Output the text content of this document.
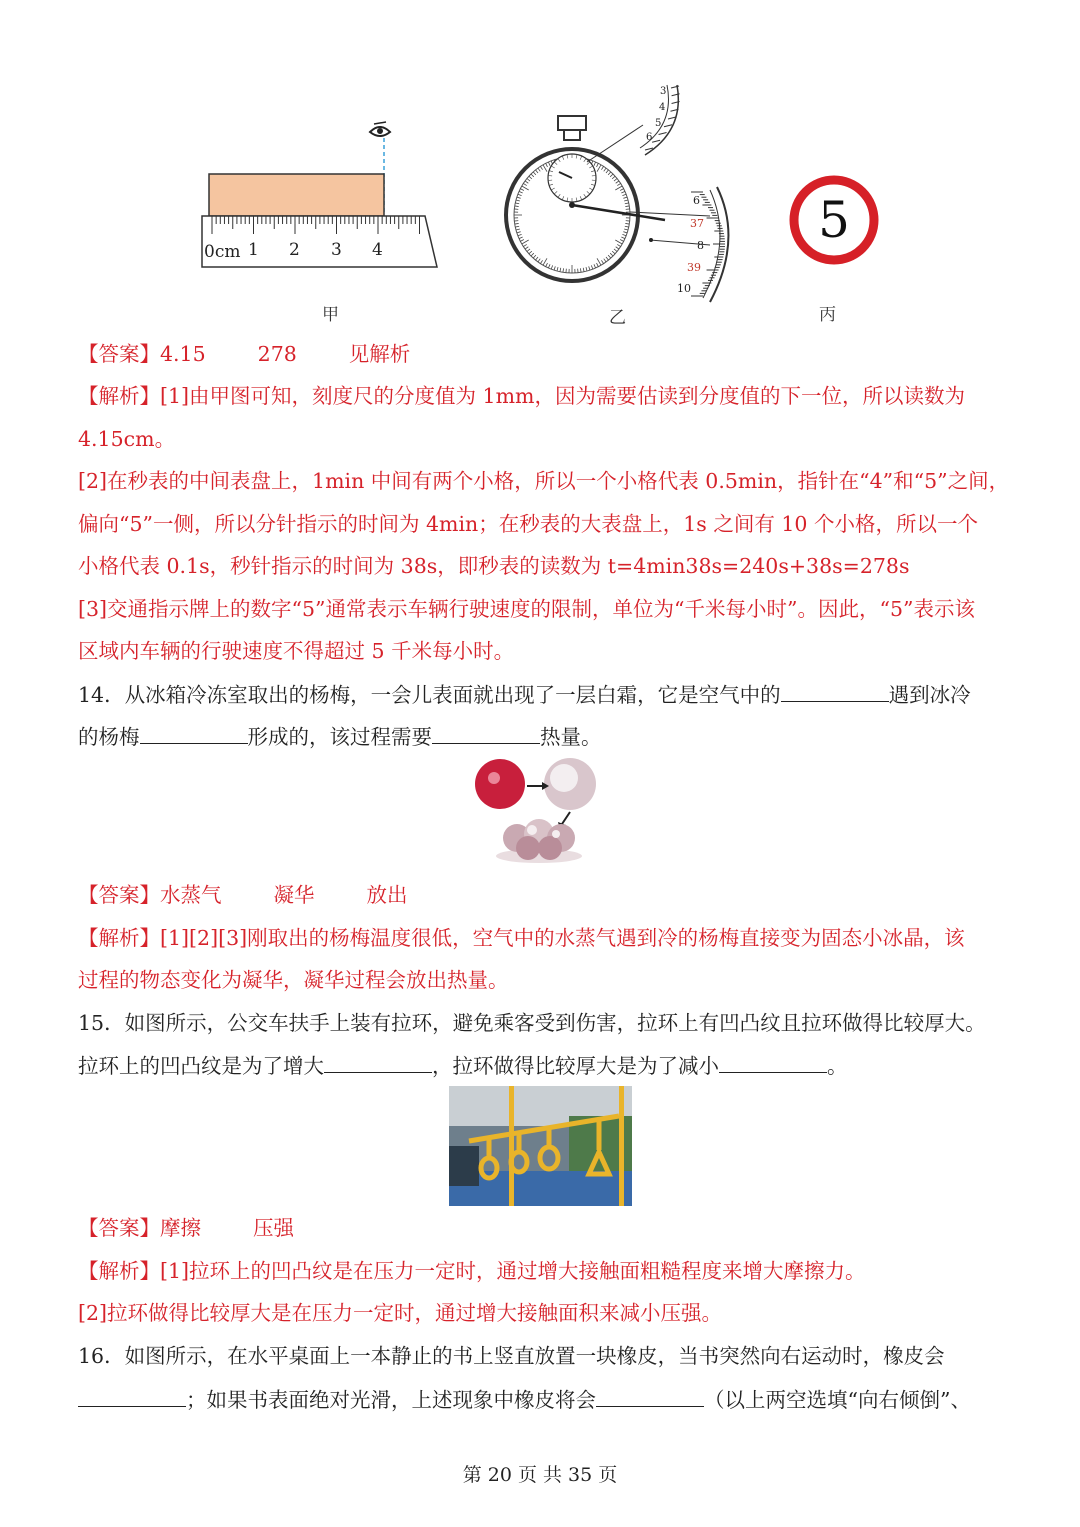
0cm 1 2 3 4
甲
3
4
5
6
6
37
8
39
10
乙
5
丙
【答案】4.15	278	见解析
【解析】[1]由甲图可知，刻度尺的分度值为 1mm，因为需要估读到分度值的下一位，所以读数为
4.15cm。
[2]在秒表的中间表盘上，1min 中间有两个小格，所以一个小格代表 0.5min，指针在“4”和“5”之间，
偏向“5”一侧，所以分针指示的时间为 4min；在秒表的大表盘上，1s 之间有 10 个小格，所以一个
小格代表 0.1s，秒针指示的时间为 38s，即秒表的读数为 t=4min38s=240s+38s=278s
[3]交通指示牌上的数字“5”通常表示车辆行驶速度的限制，单位为“千米每小时”。因此，“5”表示该
区域内车辆的行驶速度不得超过 5 千米每小时。
14．从冰箱冷冻室取出的杨梅，一会儿表面就出现了一层白霜，它是空气中的	遇到冰冷
的杨梅	形成的，该过程需要	热量。
【答案】水蒸气	凝华	放出
【解析】[1][2][3]刚取出的杨梅温度很低，空气中的水蒸气遇到冷的杨梅直接变为固态小冰晶，该
过程的物态变化为凝华，凝华过程会放出热量。
15．如图所示，公交车扶手上装有拉环，避免乘客受到伤害，拉环上有凹凸纹且拉环做得比较厚大。
拉环上的凹凸纹是为了增大	，拉环做得比较厚大是为了减小	。
【答案】摩擦	压强
【解析】[1]拉环上的凹凸纹是在压力一定时，通过增大接触面粗糙程度来增大摩擦力。
[2]拉环做得比较厚大是在压力一定时，通过增大接触面积来减小压强。
16．如图所示，在水平桌面上一本静止的书上竖直放置一块橡皮，当书突然向右运动时，橡皮会
；如果书表面绝对光滑，上述现象中橡皮将会	（以上两空选填“向右倾倒”、
第 20 页 共 35 页
